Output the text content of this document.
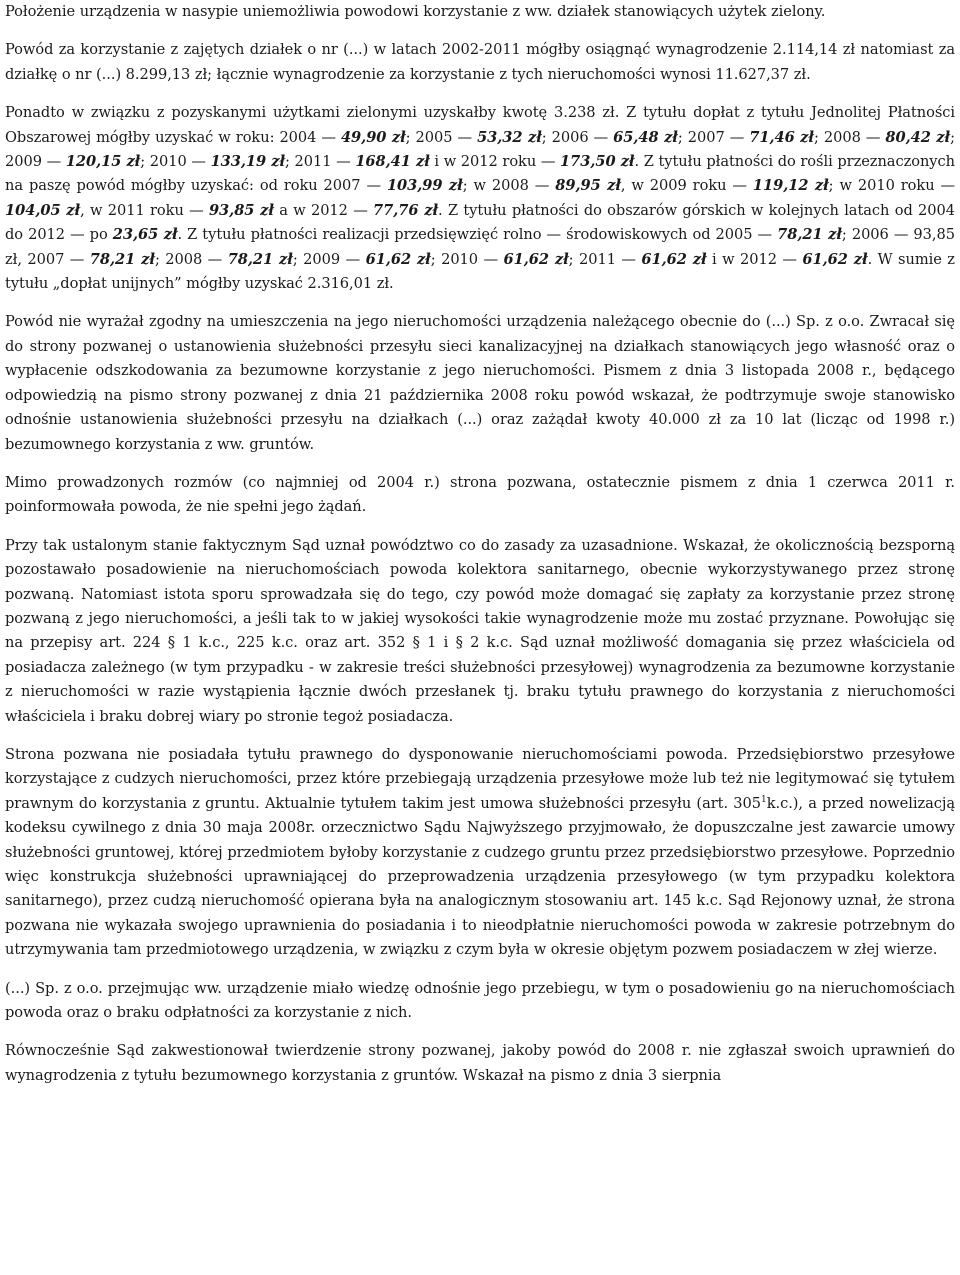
Położenie urządzenia w nasypie uniemożliwia powodowi korzystanie z ww. działek stanowiących użytek zielony.

Powód za korzystanie z zajętych działek o nr (...) w latach 2002-2011 mógłby osiągnąć wynagrodzenie 2.114,14 zł natomiast za działkę o nr (...) 8.299,13 zł; łącznie wynagrodzenie za korzystanie z tych nieruchomości wynosi 11.627,37 zł.

Ponadto w związku z pozyskanymi użytkami zielonymi uzyskałby kwotę 3.238 zł. Z tytułu dopłat z tytułu Jednolitej Płatności Obszarowej mógłby uzyskać w roku: 2004 — 49,90 zł; 2005 — 53,32 zł; 2006 — 65,48 zł; 2007 — 71,46 zł; 2008 — 80,42 zł; 2009 — 120,15 zł; 2010 — 133,19 zł; 2011 — 168,41 zł i w 2012 roku — 173,50 zł. Z tytułu płatności do rośli przeznaczonych na paszę powód mógłby uzyskać: od roku 2007 — 103,99 zł; w 2008 — 89,95 zł, w 2009 roku — 119,12 zł; w 2010 roku — 104,05 zł, w 2011 roku — 93,85 zł a w 2012 — 77,76 zł. Z tytułu płatności do obszarów górskich w kolejnych latach od 2004 do 2012 — po 23,65 zł. Z tytułu płatności realizacji przedsięwzięć rolno — środowiskowych od 2005 — 78,21 zł; 2006 — 93,85 zł, 2007 — 78,21 zł; 2008 — 78,21 zł; 2009 — 61,62 zł; 2010 — 61,62 zł; 2011 — 61,62 zł i w 2012 — 61,62 zł. W sumie z tytułu „dopłat unijnych” mógłby uzyskać 2.316,01 zł.

Powód nie wyrażał zgodny na umieszczenia na jego nieruchomości urządzenia należącego obecnie do (...) Sp. z o.o. Zwracał się do strony pozwanej o ustanowienia służebności przesyłu sieci kanalizacyjnej na działkach stanowiących jego własność oraz o wypłacenie odszkodowania za bezumowne korzystanie z jego nieruchomości. Pismem z dnia 3 listopada 2008 r., będącego odpowiedzią na pismo strony pozwanej z dnia 21 października 2008 roku powód wskazał, że podtrzymuje swoje stanowisko odnośnie ustanowienia służebności przesyłu na działkach (...) oraz zażądał kwoty 40.000 zł za 10 lat (licząc od 1998 r.) bezumownego korzystania z ww. gruntów.

Mimo prowadzonych rozmów (co najmniej od 2004 r.) strona pozwana, ostatecznie pismem z dnia 1 czerwca 2011 r. poinformowała powoda, że nie spełni jego żądań.

Przy tak ustalonym stanie faktycznym Sąd uznał powództwo co do zasady za uzasadnione. Wskazał, że okolicznością bezsporną pozostawało posadowienie na nieruchomościach powoda kolektora sanitarnego, obecnie wykorzystywanego przez stronę pozwaną. Natomiast istota sporu sprowadzała się do tego, czy powód może domagać się zapłaty za korzystanie przez stronę pozwaną z jego nieruchomości, a jeśli tak to w jakiej wysokości takie wynagrodzenie może mu zostać przyznane. Powołując się na przepisy art. 224 § 1 k.c., 225 k.c. oraz art. 352 § 1 i § 2 k.c. Sąd uznał możliwość domagania się przez właściciela od posiadacza zależnego (w tym przypadku - w zakresie treści służebności przesyłowej) wynagrodzenia za bezumowne korzystanie z nieruchomości w razie wystąpienia łącznie dwóch przesłanek tj. braku tytułu prawnego do korzystania z nieruchomości właściciela i braku dobrej wiary po stronie tegoż posiadacza.

Strona pozwana nie posiadała tytułu prawnego do dysponowanie nieruchomościami powoda. Przedsiębiorstwo przesyłowe korzystające z cudzych nieruchomości, przez które przebiegają urządzenia przesyłowe może lub też nie legitymować się tytułem prawnym do korzystania z gruntu. Aktualnie tytułem takim jest umowa służebności przesyłu (art. $305^1k.c$.), a przed nowelizacją kodeksu cywilnego z dnia 30 maja 2008r. orzecznictwo Sądu Najwyższego przyjmowało, że dopuszczalne jest zawarcie umowy służebności gruntowej, której przedmiotem byłoby korzystanie z cudzego gruntu przez przedsiębiorstwo przesyłowe. Poprzednio więc konstrukcja służebności uprawniającej do przeprowadzenia urządzenia przesyłowego (w tym przypadku kolektora sanitarnego), przez cudzą nieruchomość opierana była na analogicznym stosowaniu art. 145 k.c. Sąd Rejonowy uznał, że strona pozwana nie wykazała swojego uprawnienia do posiadania i to nieodpłatnie nieruchomości powoda w zakresie potrzebnym do utrzymywania tam przedmiotowego urządzenia, w związku z czym była w okresie objętym pozwem posiadaczem w złej wierze.

(...) Sp. z o.o. przejmując ww. urządzenie miało wiedzę odnośnie jego przebiegu, w tym o posadowieniu go na nieruchomościach powoda oraz o braku odpłatności za korzystanie z nich.

Równocześnie Sąd zakwestionował twierdzenie strony pozwanej, jakoby powód do 2008 r. nie zgłaszał swoich uprawnień do wynagrodzenia z tytułu bezumownego korzystania z gruntów. Wskazał na pismo z dnia 3 sierpnia
